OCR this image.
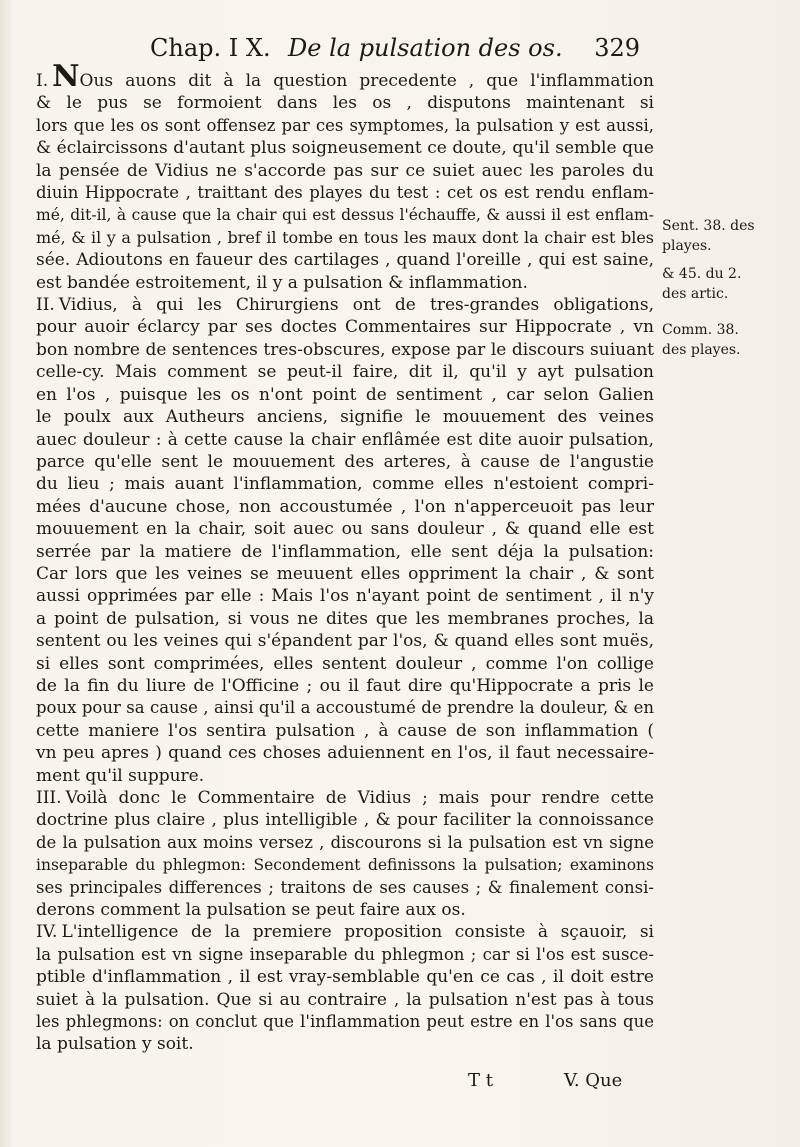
Chap. I X. De la pulsation des os. 329

I. NOus auons dit à la question precedente , que l'inflammation
& le pus se formoient dans les os , disputons maintenant si
lors que les os sont offensez par ces symptomes, la pulsation y est aussi,
& éclaircissons d'autant plus soigneusement ce doute, qu'il semble que
la pensée de Vidius ne s'accorde pas sur ce suiet auec les paroles du
diuin Hippocrate , traittant des playes du test : cet os est rendu enflam-
mé, dit-il, à cause que la chair qui est dessus l'échauffe, & aussi il est enflam-
mé, & il y a pulsation , bref il tombe en tous les maux dont la chair est bles
sée. Adioutons en faueur des cartilages , quand l'oreille , qui est saine,
est bandée estroitement, il y a pulsation & inflammation.

II. Vidius, à qui les Chirurgiens ont de tres-grandes obligations,
pour auoir éclarcy par ses doctes Commentaires sur Hippocrate , vn
bon nombre de sentences tres-obscures, expose par le discours suiuant
celle-cy. Mais comment se peut-il faire, dit il, qu'il y ayt pulsation
en l'os , puisque les os n'ont point de sentiment , car selon Galien
le poulx aux Autheurs anciens, signifie le mouuement des veines
auec douleur : à cette cause la chair enflâmée est dite auoir pulsation,
parce qu'elle sent le mouuement des arteres, à cause de l'angustie
du lieu ; mais auant l'inflammation, comme elles n'estoient compri-
mées d'aucune chose, non accoustumée , l'on n'apperceuoit pas leur
mouuement en la chair, soit auec ou sans douleur , & quand elle est
serrée par la matiere de l'inflammation, elle sent déja la pulsation:
Car lors que les veines se meuuent elles oppriment la chair , & sont
aussi opprimées par elle : Mais l'os n'ayant point de sentiment , il n'y
a point de pulsation, si vous ne dites que les membranes proches, la
sentent ou les veines qui s'épandent par l'os, & quand elles sont muës,
si elles sont comprimées, elles sentent douleur , comme l'on collige
de la fin du liure de l'Officine ; ou il faut dire qu'Hippocrate a pris le
poux pour sa cause , ainsi qu'il a accoustumé de prendre la douleur, & en
cette maniere l'os sentira pulsation , à cause de son inflammation (
vn peu apres ) quand ces choses aduiennent en l'os, il faut necessaire-
ment qu'il suppure.

III. Voilà donc le Commentaire de Vidius ; mais pour rendre cette
doctrine plus claire , plus intelligible , & pour faciliter la connoissance
de la pulsation aux moins versez , discourons si la pulsation est vn signe
inseparable du phlegmon: Secondement definissons la pulsation; examinons
ses principales differences ; traitons de ses causes ; & finalement consi-
derons comment la pulsation se peut faire aux os.

IV. L'intelligence de la premiere proposition consiste à sçauoir, si
la pulsation est vn signe inseparable du phlegmon ; car si l'os est susce-
ptible d'inflammation , il est vray-semblable qu'en ce cas , il doit estre
suiet à la pulsation. Que si au contraire , la pulsation n'est pas à tous
les phlegmons: on conclut que l'inflammation peut estre en l'os sans que
la pulsation y soit.

Sent. 38. des
playes.
& 45. du 2.
des artic.
Comm. 38.
des playes.
T t	V. Que
